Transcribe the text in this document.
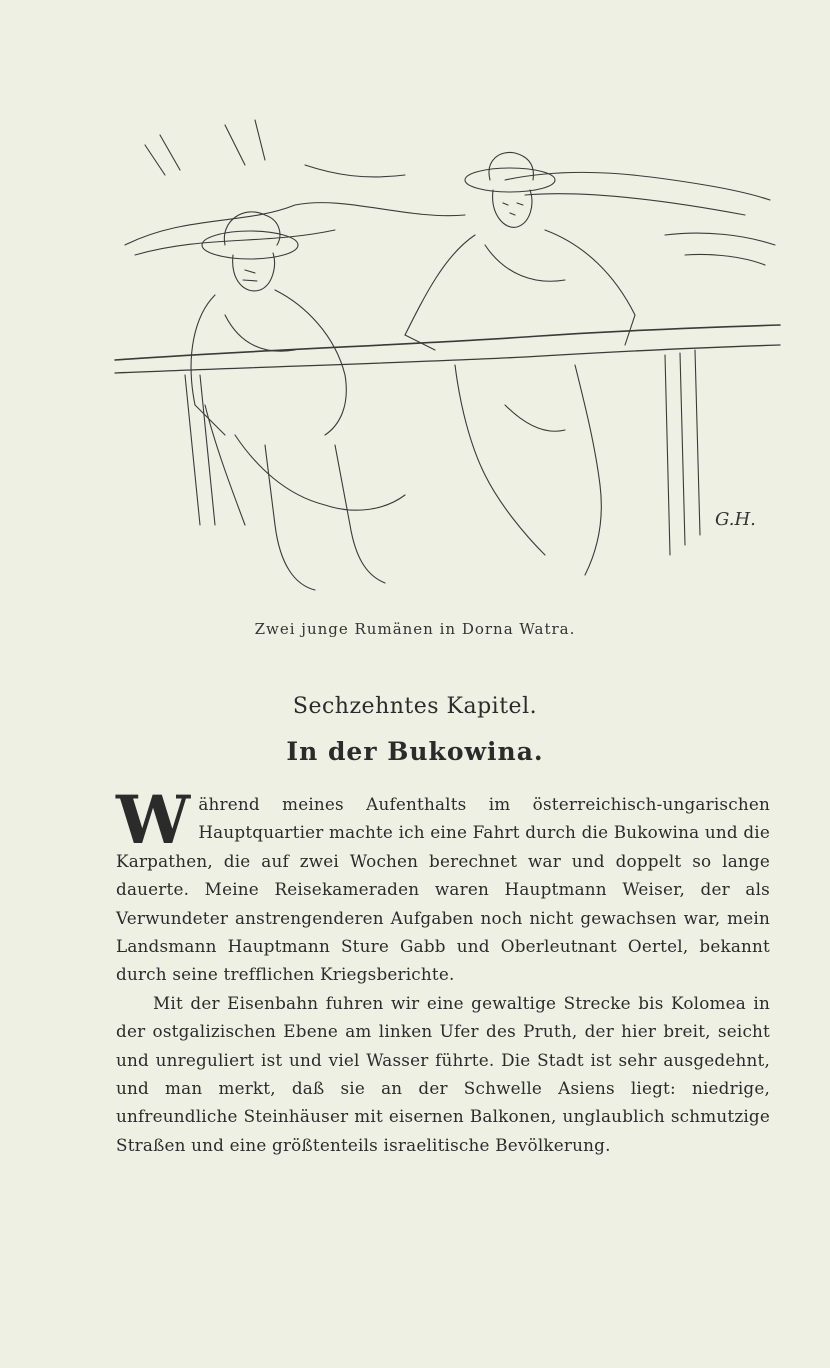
G.H.
Zwei junge Rumänen in Dorna Watra.
Sechzehntes Kapitel.
In der Bukowina.

Während meines Aufenthalts im österreichisch-ungarischen Hauptquartier machte ich eine Fahrt durch die Bukowina und die Karpathen, die auf zwei Wochen berechnet war und doppelt so lange dauerte. Meine Reisekameraden waren Hauptmann Weiser, der als Verwundeter anstrengenderen Aufgaben noch nicht gewachsen war, mein Landsmann Hauptmann Sture Gabb und Oberleutnant Oertel, bekannt durch seine trefflichen Kriegsberichte.

Mit der Eisenbahn fuhren wir eine gewaltige Strecke bis Kolomea in der ostgalizischen Ebene am linken Ufer des Pruth, der hier breit, seicht und unreguliert ist und viel Wasser führte. Die Stadt ist sehr ausgedehnt, und man merkt, daß sie an der Schwelle Asiens liegt: niedrige, unfreundliche Steinhäuser mit eisernen Balkonen, unglaublich schmutzige Straßen und eine größtenteils israelitische Bevölkerung.
